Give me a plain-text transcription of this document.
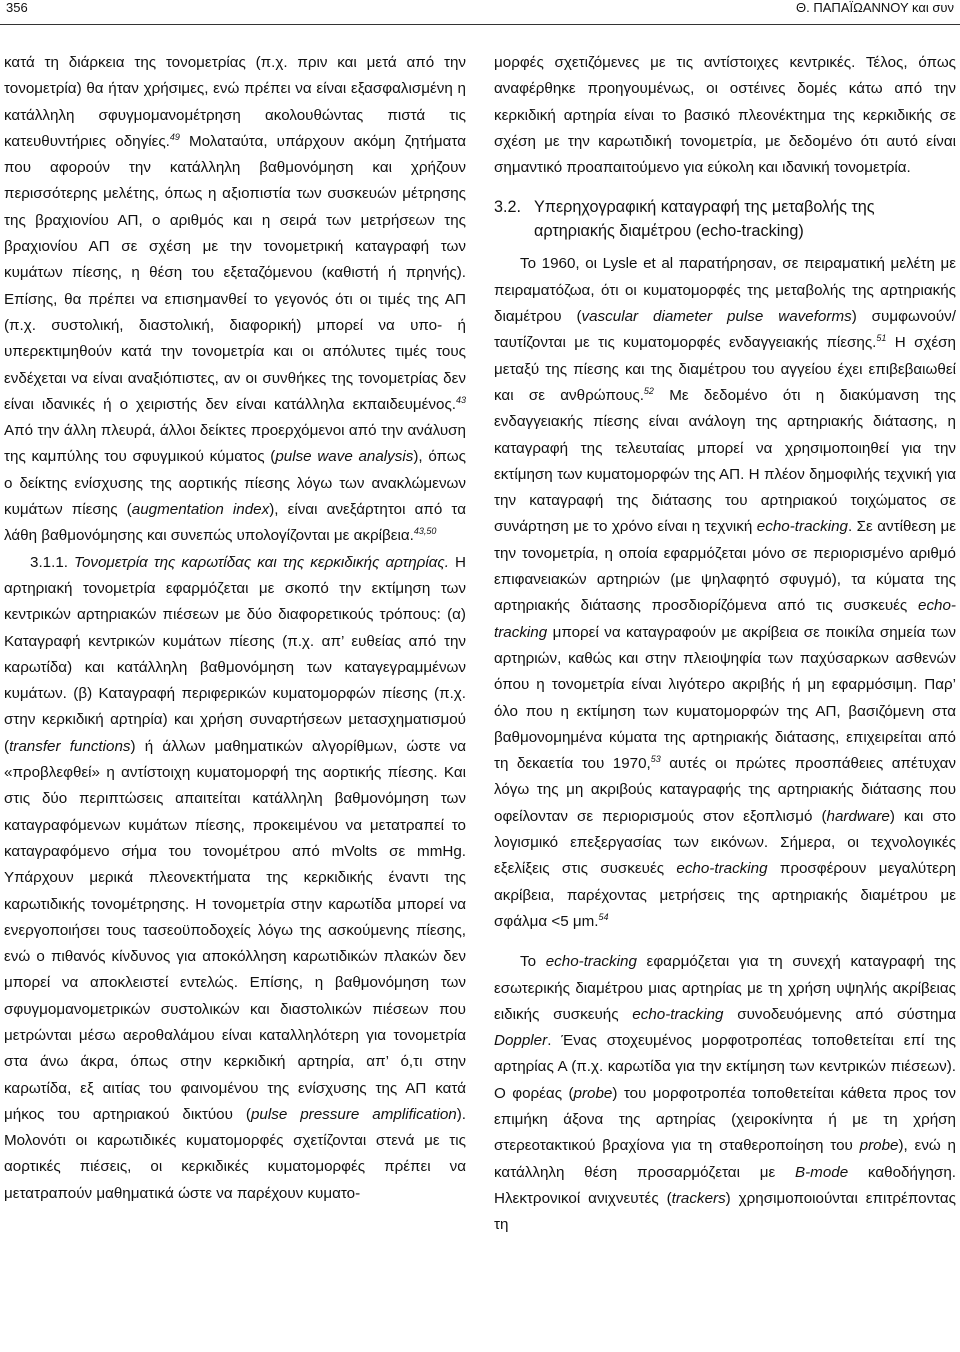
356	Θ. ΠΑΠΑΪΩΑΝΝΟΥ και συν

κατά τη διάρκεια της τονομετρίας (π.χ. πριν και μετά από την τονομετρία) θα ήταν χρήσιμες, ενώ πρέπει να είναι εξασφαλισμένη η κατάλληλη σφυγμομανομέτρηση ακολουθώντας πιστά τις κατευθυντήριες οδηγίες.$^{49}$ Μολαταύτα, υπάρχουν ακόμη ζητήματα που αφορούν την κατάλληλη βαθμονόμηση και χρήζουν περισσότερης μελέτης, όπως η αξιοπιστία των συσκευών μέτρησης της βραχιονίου ΑΠ, ο αριθμός και η σειρά των μετρήσεων της βραχιονίου ΑΠ σε σχέση με την τονομετρική καταγραφή των κυμάτων πίεσης, η θέση του εξεταζόμενου (καθιστή ή πρηνής). Επίσης, θα πρέπει να επισημανθεί το γεγονός ότι οι τιμές της ΑΠ (π.χ. συστολική, διαστολική, διαφορική) μπορεί να υπο- ή υπερεκτιμηθούν κατά την τονομετρία και οι απόλυτες τιμές τους ενδέχεται να είναι αναξιόπιστες, αν οι συνθήκες της τονομετρίας δεν είναι ιδανικές ή ο χειριστής δεν είναι κατάλληλα εκπαιδευμένος.$^{43}$ Από την άλλη πλευρά, άλλοι δείκτες προερχόμενοι από την ανάλυση της καμπύλης του σφυγμικού κύματος (pulse wave analysis), όπως ο δείκτης ενίσχυσης της αορτικής πίεσης λόγω των ανακλώμενων κυμάτων πίεσης (augmentation index), είναι ανεξάρτητοι από τα λάθη βαθμονόμησης και συνεπώς υπολογίζονται με ακρίβεια.$^{43,50}$

3.1.1. Τονομετρία της καρωτίδας και της κερκιδικής αρτηρίας. Η αρτηριακή τονομετρία εφαρμόζεται με σκοπό την εκτίμηση των κεντρικών αρτηριακών πιέσεων με δύο διαφορετικούς τρόπους: (α) Καταγραφή κεντρικών κυμάτων πίεσης (π.χ. απ’ ευθείας από την καρωτίδα) και κατάλληλη βαθμονόμηση των καταγεγραμμένων κυμάτων. (β) Καταγραφή περιφερικών κυματομορφών πίεσης (π.χ. στην κερκιδική αρτηρία) και χρήση συναρτήσεων μετασχηματισμού (transfer functions) ή άλλων μαθηματικών αλγορίθμων, ώστε να «προβλεφθεί» η αντίστοιχη κυματομορφή της αορτικής πίεσης. Και στις δύο περιπτώσεις απαιτείται κατάλληλη βαθμονόμηση των καταγραφόμενων κυμάτων πίεσης, προκειμένου να μετατραπεί το καταγραφόμενο σήμα του τονομέτρου από mVolts σε mmHg. Υπάρχουν μερικά πλεονεκτήματα της κερκιδικής έναντι της καρωτιδικής τονομέτρησης. Η τονομετρία στην καρωτίδα μπορεί να ενεργοποιήσει τους τασεοϋποδοχείς λόγω της ασκούμενης πίεσης, ενώ ο πιθανός κίνδυνος για αποκόλληση καρωτιδικών πλακών δεν μπορεί να αποκλειστεί εντελώς. Επίσης, η βαθμονόμηση των σφυγμομανομετρικών συστολικών και διαστολικών πιέσεων που μετρώνται μέσω αεροθαλάμου είναι καταλληλότερη για τονομετρία στα άνω άκρα, όπως στην κερκιδική αρτηρία, απ’ ό,τι στην καρωτίδα, εξ αιτίας του φαινομένου της ενίσχυσης της ΑΠ κατά μήκος του αρτηριακού δικτύου (pulse pressure amplification). Μολονότι οι καρωτιδικές κυματομορφές σχετίζονται στενά με τις αορτικές πιέσεις, οι κερκιδικές κυματομορφές πρέπει να μετατραπούν μαθηματικά ώστε να παρέχουν κυματο-

μορφές σχετιζόμενες με τις αντίστοιχες κεντρικές. Τέλος, όπως αναφέρθηκε προηγουμένως, οι οστέινες δομές κάτω από την κερκιδική αρτηρία είναι το βασικό πλεονέκτημα της κερκιδικής σε σχέση με την καρωτιδική τονομετρία, με δεδομένο ότι αυτό είναι σημαντικό προαπαιτούμενο για εύκολη και ιδανική τονομετρία.

3.2. Υπερηχογραφική καταγραφή της μεταβολής της αρτηριακής διαμέτρου (echo-tracking)

Το 1960, οι Lysle et al παρατήρησαν, σε πειραματική μελέτη με πειραματόζωα, ότι οι κυματομορφές της μεταβολής της αρτηριακής διαμέτρου (vascular diameter pulse waveforms) συμφωνούν/ταυτίζονται με τις κυματομορφές ενδαγγειακής πίεσης.$^{51}$ Η σχέση μεταξύ της πίεσης και της διαμέτρου του αγγείου έχει επιβεβαιωθεί και σε ανθρώπους.$^{52}$ Με δεδομένο ότι η διακύμανση της ενδαγγειακής πίεσης είναι ανάλογη της αρτηριακής διάτασης, η καταγραφή της τελευταίας μπορεί να χρησιμοποιηθεί για την εκτίμηση των κυματομορφών της ΑΠ. Η πλέον δημοφιλής τεχνική για την καταγραφή της διάτασης του αρτηριακού τοιχώματος σε συνάρτηση με το χρόνο είναι η τεχνική echo-tracking. Σε αντίθεση με την τονομετρία, η οποία εφαρμόζεται μόνο σε περιορισμένο αριθμό επιφανειακών αρτηριών (με ψηλαφητό σφυγμό), τα κύματα της αρτηριακής διάτασης προσδιορίζόμενα από τις συσκευές echo-tracking μπορεί να καταγραφούν με ακρίβεια σε ποικίλα σημεία των αρτηριών, καθώς και στην πλειοψηφία των παχύσαρκων ασθενών όπου η τονομετρία είναι λιγότερο ακριβής ή μη εφαρμόσιμη. Παρ’ όλο που η εκτίμηση των κυματομορφών της ΑΠ, βασιζόμενη στα βαθμονομημένα κύματα της αρτηριακής διάτασης, επιχειρείται από τη δεκαετία του 1970,53 αυτές οι πρώτες προσπάθειες απέτυχαν λόγω της μη ακριβούς καταγραφής της αρτηριακής διάτασης που οφείλονταν σε περιορισμούς στον εξοπλισμό (hardware) και στο λογισμικό επεξεργασίας των εικόνων. Σήμερα, οι τεχνολογικές εξελίξεις στις συσκευές echo-tracking προσφέρουν μεγαλύτερη ακρίβεια, παρέχοντας μετρήσεις της αρτηριακής διαμέτρου με σφάλμα <5 μm.$^{54}$

Το echo-tracking εφαρμόζεται για τη συνεχή καταγραφή της εσωτερικής διαμέτρου μιας αρτηρίας με τη χρήση υψηλής ακρίβειας ειδικής συσκευής echo-tracking συνοδευόμενης από σύστημα Doppler. Ένας στοχευμένος μορφοτροπέας τοποθετείται επί της αρτηρίας Α (π.χ. καρωτίδα για την εκτίμηση των κεντρικών πιέσεων). Ο φορέας (probe) του μορφοτροπέα τοποθετείται κάθετα προς τον επιμήκη άξονα της αρτηρίας (χειροκίνητα ή με τη χρήση στερεοτακτικού βραχίονα για τη σταθεροποίηση του probe), ενώ η κατάλληλη θέση προσαρμόζεται με B-mode καθοδήγηση. Ηλεκτρονικοί ανιχνευτές (trackers) χρησιμοποιούνται επιτρέποντας τη
